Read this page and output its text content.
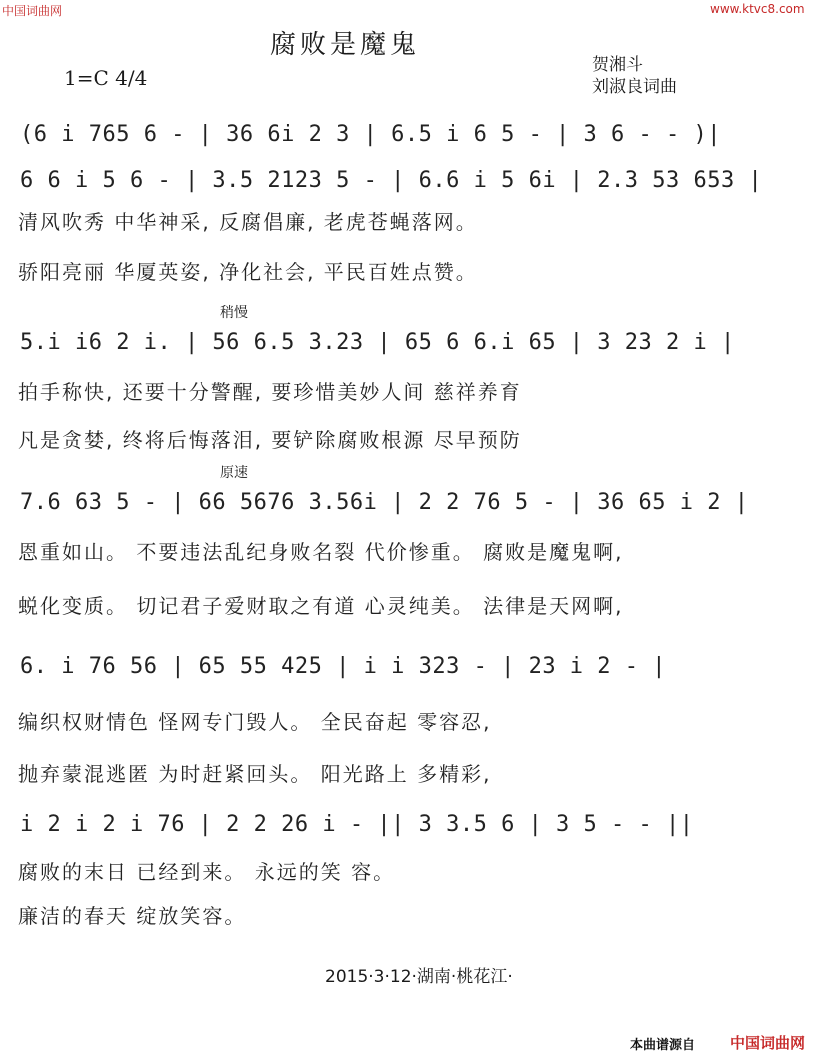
中国词曲网	www.ktvc8.com
腐败是魔鬼
贺湘斗
刘淑良词曲
1=C 4/4
(6 i 765 6 - | 36 6i 2 3 | 6.5 i 6 5 - | 3 6 - - )|
6 6 i 5 6 - | 3.5 2123 5 - | 6.6 i 5 6i | 2.3 53 653 |
清风吹秀 中华神采, 反腐倡廉, 老虎苍蝇落网。
骄阳亮丽 华厦英姿, 净化社会, 平民百姓点赞。
稍慢
5.i i6 2 i. | 56 6.5 3.23 | 65 6 6.i 65 | 3 23 2 i |
拍手称快, 还要十分警醒, 要珍惜美妙人间 慈祥养育
凡是贪婪, 终将后悔落泪, 要铲除腐败根源 尽早预防
原速
7.6 63 5 - | 66 5676 3.56i | 2 2 76 5 - | 36 65 i 2 |
恩重如山。 不要违法乱纪身败名裂 代价惨重。 腐败是魔鬼啊,
蜕化变质。 切记君子爱财取之有道 心灵纯美。 法律是天网啊,
6. i 76 56 | 65 55 425 | i i 323 - | 23 i 2 - |
编织权财情色 怪网专门毁人。 全民奋起 零容忍,
抛弃蒙混逃匿 为时赶紧回头。 阳光路上 多精彩,
i 2 i 2 i 76 | 2 2 26 i - || 3 3.5 6 | 3 5 - - ||
腐败的末日 已经到来。 永远的笑 容。
廉洁的春天 绽放笑容。
2015·3·12·湖南·桃花江·
本曲谱源自 中国词曲网
